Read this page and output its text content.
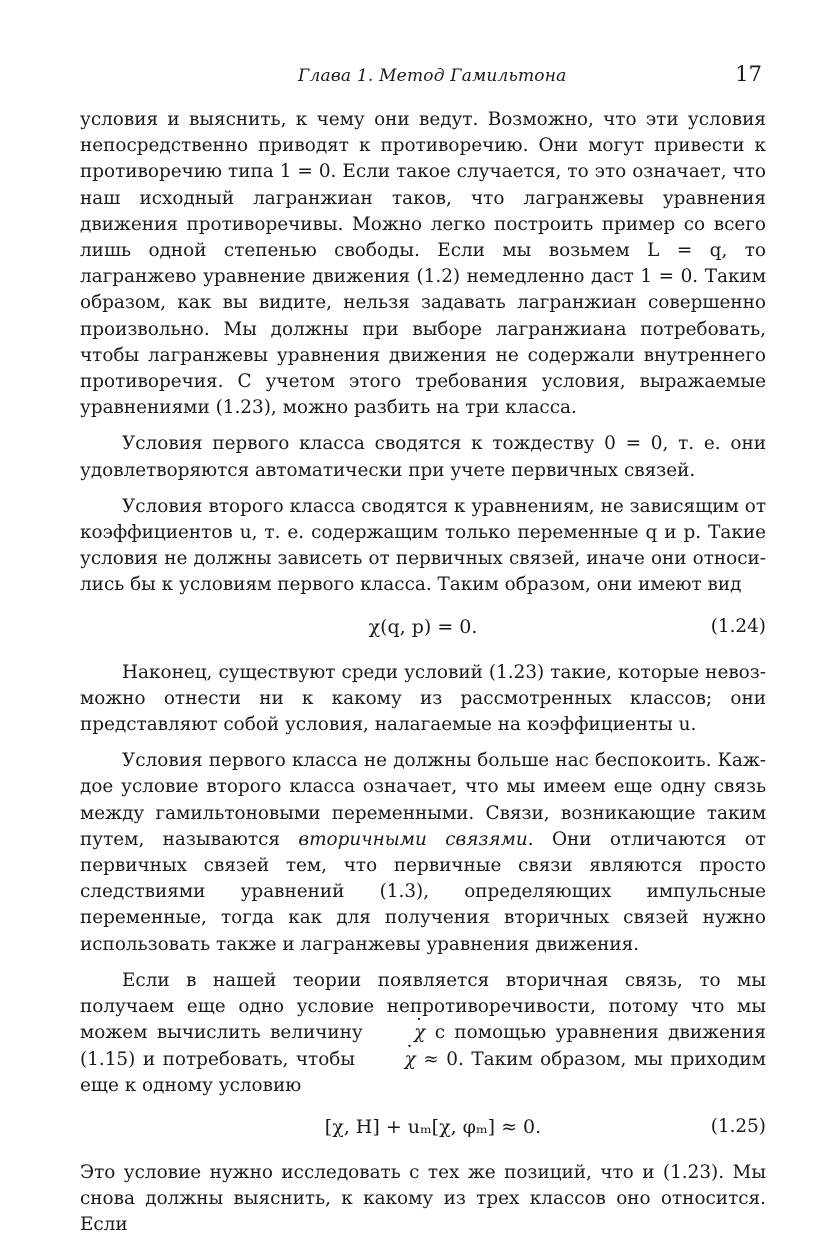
Глава 1. Метод Гамильтона	17

условия и выяснить, к чему они ведут. Возможно, что эти условия непосредственно приводят к противоречию. Они могут привести к противоречию типа 1 = 0. Если такое случается, то это означает, что наш исходный лагранжиан таков, что лагранжевы уравнения движения противоречивы. Можно легко построить пример со всего лишь одной степенью свободы. Если мы возьмем L = q, то лагранжево уравнение движения (1.2) немедленно даст 1 = 0. Таким образом, как вы видите, нельзя задавать лагранжиан совершенно произвольно. Мы должны при выборе лагранжиана потребовать, чтобы лагранжевы уравнения движения не содержали внутреннего противоречия. С учетом этого требования условия, выражаемые уравнениями (1.23), можно разбить на три класса.

Условия первого класса сводятся к тождеству 0 = 0, т. е. они удовлетворяются автоматически при учете первичных связей.

Условия второго класса сводятся к уравнениям, не зависящим от коэффициентов u, т. е. содержащим только переменные q и p. Такие условия не должны зависеть от первичных связей, иначе они относились бы к условиям первого класса. Таким образом, они имеют вид

χ(q, p) = 0.	(1.24)

Наконец, существуют среди условий (1.23) такие, которые невозможно отнести ни к какому из рассмотренных классов; они представляют собой условия, налагаемые на коэффициенты u.

Условия первого класса не должны больше нас беспокоить. Каждое условие второго класса означает, что мы имеем еще одну связь между гамильтоновыми переменными. Связи, возникающие таким путем, называются вторичными связями. Они отличаются от первичных связей тем, что первичные связи являются просто следствиями уравнений (1.3), определяющих импульсные переменные, тогда как для получения вторичных связей нужно использовать также и лагранжевы уравнения движения.

Если в нашей теории появляется вторичная связь, то мы получаем еще одно условие непротиворечивости, потому что мы можем вычислить величину	· χ с помощью уравнения движения (1.15) и потребовать, чтобы	· χ ≈ 0. Таким образом, мы приходим еще к одному условию

[χ, H] + uₘ[χ, φₘ] ≈ 0.	(1.25)

Это условие нужно исследовать с тех же позиций, что и (1.23). Мы снова должны выяснить, к какому из трех классов оно относится. Если
